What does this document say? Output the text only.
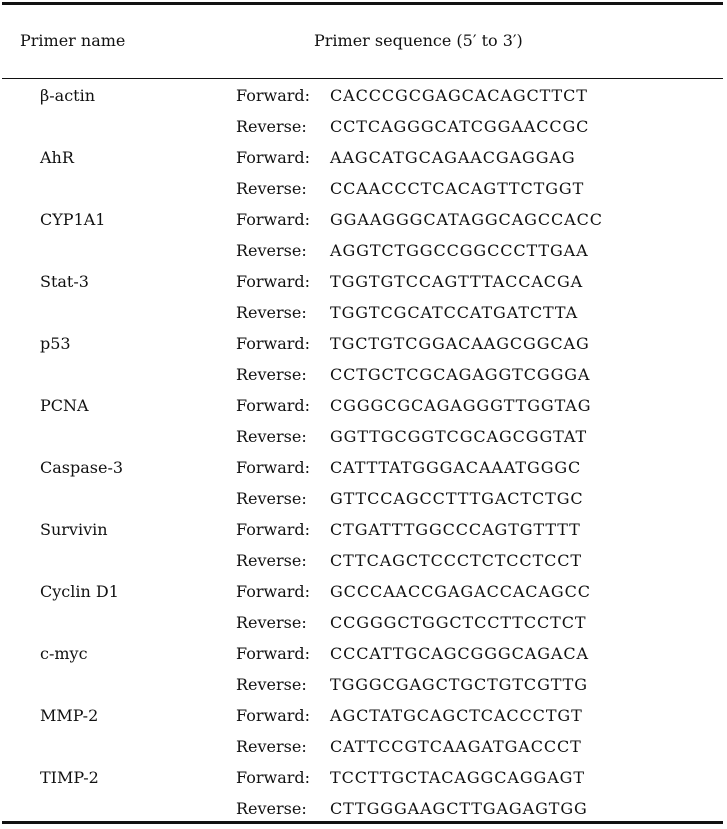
Primer name	Primer sequence (5′ to 3′)
β-actin	Forward: CACCCGCGAGCACAGCTTCT
Reverse: CCTCAGGGCATCGGAACCGC
AhR	Forward: AAGCATGCAGAACGAGGAG
Reverse: CCAACCCTCACAGTTCTGGT
CYP1A1	Forward: GGAAGGGCATAGGCAGCCACC
Reverse: AGGTCTGGCCGGCCCTTGAA
Stat-3	Forward: TGGTGTCCAGTTTACCACGA
Reverse: TGGTCGCATCCATGATCTTA
p53	Forward: TGCTGTCGGACAAGCGGCAG
Reverse: CCTGCTCGCAGAGGTCGGGA
PCNA	Forward: CGGGCGCAGAGGGTTGGTAG
Reverse: GGTTGCGGTCGCAGCGGTAT
Caspase-3	Forward: CATTTATGGGACAAATGGGC
Reverse: GTTCCAGCCTTTGACTCTGC
Survivin	Forward: CTGATTTGGCCCAGTGTTTT
Reverse: CTTCAGCTCCCTCTCCTCCT
Cyclin D1	Forward: GCCCAACCGAGACCACAGCC
Reverse: CCGGGCTGGCTCCTTCCTCT
c-myc	Forward: CCCATTGCAGCGGGCAGACA
Reverse: TGGGCGAGCTGCTGTCGTTG
MMP-2	Forward: AGCTATGCAGCTCACCCTGT
Reverse: CATTCCGTCAAGATGACCCT
TIMP-2	Forward: TCCTTGCTACAGGCAGGAGT
Reverse: CTTGGGAAGCTTGAGAGTGG
